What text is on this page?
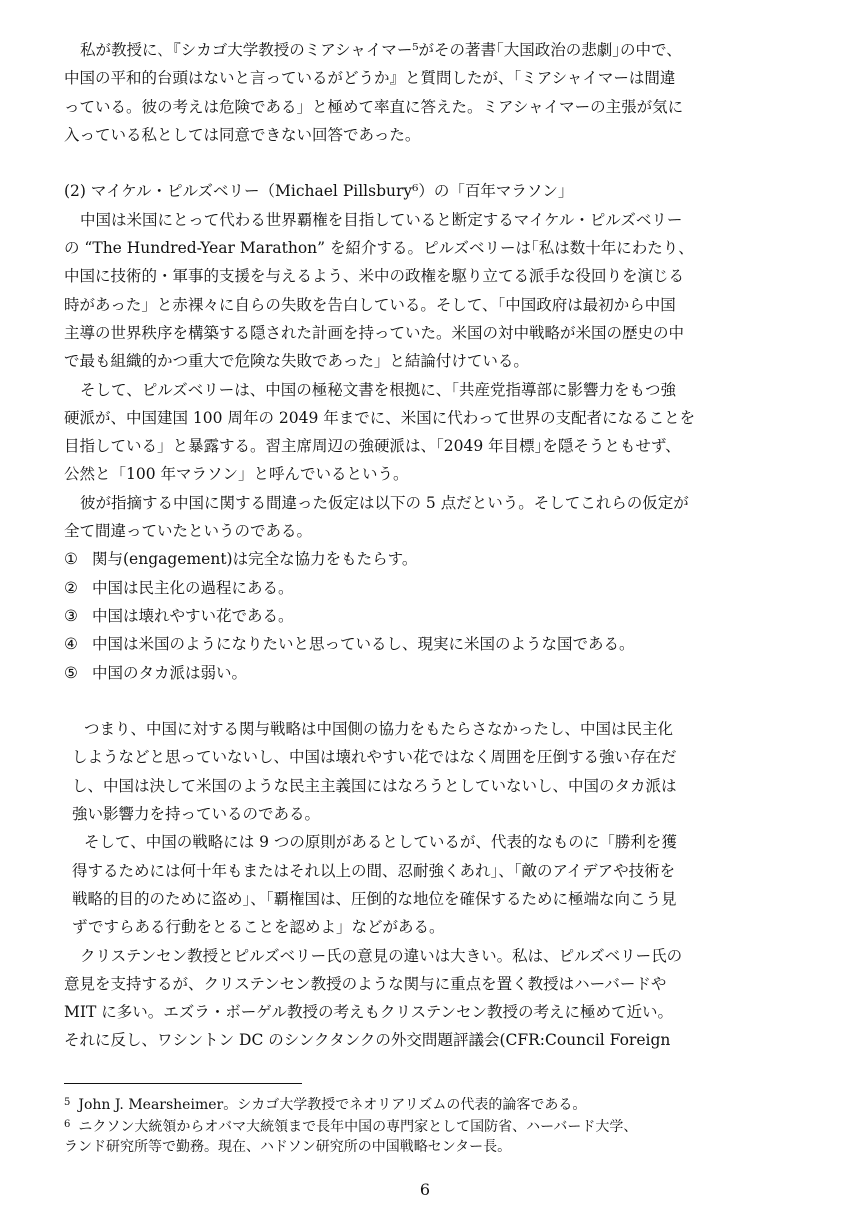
私が教授に､『シカゴ大学教授のミアシャイマー⁵がその著書｢大国政治の悲劇｣の中で、
中国の平和的台頭はないと言っているがどうか』と質問したが、「ミアシャイマーは間違
っている。彼の考えは危険である」と極めて率直に答えた。ミアシャイマーの主張が気に
入っている私としては同意できない回答であった。
(2) マイケル・ピルズベリー（Michael Pillsbury⁶）の「百年マラソン」
中国は米国にとって代わる世界覇権を目指していると断定するマイケル・ピルズベリー
の “The Hundred-Year Marathon” を紹介する。ピルズベリーは｢私は数十年にわたり、
中国に技術的・軍事的支援を与えるよう、米中の政権を駆り立てる派手な役回りを演じる
時があった」と赤裸々に自らの失敗を告白している。そして、｢中国政府は最初から中国
主導の世界秩序を構築する隠された計画を持っていた。米国の対中戦略が米国の歴史の中
で最も組織的かつ重大で危険な失敗であった」と結論付けている。
そして、ピルズベリーは、中国の極秘文書を根拠に、「共産党指導部に影響力をもつ強
硬派が、中国建国 100 周年の 2049 年までに、米国に代わって世界の支配者になることを
目指している」と暴露する。習主席周辺の強硬派は、｢2049 年目標｣を隠そうともせず、
公然と「100 年マラソン」と呼んでいるという。
彼が指摘する中国に関する間違った仮定は以下の 5 点だという。そしてこれらの仮定が
全て間違っていたというのである。
① 関与(engagement)は完全な協力をもたらす。
② 中国は民主化の過程にある。
③ 中国は壊れやすい花である。
④ 中国は米国のようになりたいと思っているし、現実に米国のような国である。
⑤ 中国のタカ派は弱い。
つまり、中国に対する関与戦略は中国側の協力をもたらさなかったし、中国は民主化
しようなどと思っていないし、中国は壊れやすい花ではなく周囲を圧倒する強い存在だ
し、中国は決して米国のような民主主義国にはなろうとしていないし、中国のタカ派は
強い影響力を持っているのである。
そして、中国の戦略には 9 つの原則があるとしているが、代表的なものに「勝利を獲
得するためには何十年もまたはそれ以上の間、忍耐強くあれ」、「敵のアイデアや技術を
戦略的目的のために盗め」、「覇権国は、圧倒的な地位を確保するために極端な向こう見
ずですらある行動をとることを認めよ」などがある。
クリステンセン教授とピルズベリー氏の意見の違いは大きい。私は、ピルズベリー氏の
意見を支持するが、クリステンセン教授のような関与に重点を置く教授はハーバードや
MIT に多い。エズラ・ボーゲル教授の考えもクリステンセン教授の考えに極めて近い。
それに反し、ワシントン DC のシンクタンクの外交問題評議会(CFR:Council Foreign
$^5$ John J. Mearsheimer。シカゴ大学教授でネオリアリズムの代表的論客である。
$^6$ ニクソン大統領からオバマ大統領まで長年中国の専門家として国防省、ハーバード大学、
ランド研究所等で勤務。現在、ハドソン研究所の中国戦略センター長。
6
